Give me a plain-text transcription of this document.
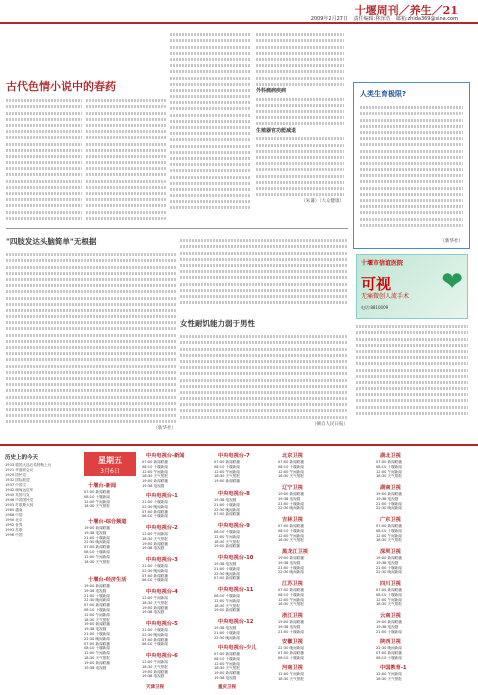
十堰周刊／养生／21
2009年2月27日 责任编辑:林泽浩 邮箱:zhida369@sina.com
古代色情小说中的春药	外科痛病疾病
生殖器官功能减退
（朱谦）（大众健康）
人类生育极限?
（新华社）
十堰市信谊医院
可视
无痛微创人流手术
电话:8810009
❤
"四肢发达头脑简单"无根据
（新华社）
女性耐饥能力弱于男性
（摘自人民日报）
历史上的今天
1933 德国大选后希特勒上台
1921 华盛顿会议
1929 国民党
1932 国际联盟
1937 中国文
1942 缅甸远征军
1945 英国马克
1946 中国国民党
1953 苏联斯大林
1965 越南
1986 中国
1990 北京
1992 世界
1993 苏联
1996 中国
星期五
3月6日
十堰台-新闻
07:00 新闻联播
08:10 十堰新闻
12:00 午间新闻
18:30 天气预报
十堰台-综合频道
19:00 新闻联播
19:38 电视剧
21:00 十堰新闻
22:30 晚间新闻
07:00 新闻联播
08:10 十堰新闻
12:00 午间新闻
18:30 天气预报
十堰台-经济生活
19:00 新闻联播
19:38 电视剧
21:00 十堰新闻
22:30 晚间新闻
07:00 新闻联播
08:10 十堰新闻
12:00 午间新闻
18:30 天气预报
19:00 新闻联播
19:38 电视剧
21:00 十堰新闻
22:30 晚间新闻
07:00 新闻联播
08:10 十堰新闻
12:00 午间新闻
18:30 天气预报
19:00 新闻联播
19:38 电视剧
中央电视台-新闻
07:00 新闻联播
08:10 十堰新闻
12:00 午间新闻
18:30 天气预报
19:00 新闻联播
19:38 电视剧
中央电视台-1
21:00 十堰新闻
22:30 晚间新闻
07:00 新闻联播
08:10 十堰新闻
中央电视台-2
12:00 午间新闻
18:30 天气预报
19:00 新闻联播
19:38 电视剧
中央电视台-3
21:00 十堰新闻
22:30 晚间新闻
07:00 新闻联播
08:10 十堰新闻
中央电视台-4
12:00 午间新闻
18:30 天气预报
19:00 新闻联播
19:38 电视剧
中央电视台-5
21:00 十堰新闻
22:30 晚间新闻
07:00 新闻联播
08:10 十堰新闻
中央电视台-6
12:00 午间新闻
18:30 天气预报
19:00 新闻联播
19:38 电视剧
中央电视台-7
07:00 新闻联播
08:10 十堰新闻
12:00 午间新闻
18:30 天气预报
19:00 新闻联播
中央电视台-8
19:38 电视剧
21:00 十堰新闻
22:30 晚间新闻
07:00 新闻联播
中央电视台-9
08:10 十堰新闻
12:00 午间新闻
18:30 天气预报
19:00 新闻联播
中央电视台-10
19:38 电视剧
21:00 十堰新闻
22:30 晚间新闻
07:00 新闻联播
中央电视台-11
08:10 十堰新闻
12:00 午间新闻
18:30 天气预报
19:00 新闻联播
中央电视台-12
19:38 电视剧
21:00 十堰新闻
22:30 晚间新闻
中央电视台-少儿
07:00 新闻联播
08:10 十堰新闻
12:00 午间新闻
18:30 天气预报
19:00 新闻联播
19:38 电视剧
北京卫视
07:00 新闻联播
08:10 十堰新闻
12:00 午间新闻
18:30 天气预报
辽宁卫视
19:00 新闻联播
19:38 电视剧
21:00 十堰新闻
22:30 晚间新闻
吉林卫视
07:00 新闻联播
08:10 十堰新闻
12:00 午间新闻
18:30 天气预报
黑龙江卫视
19:00 新闻联播
19:38 电视剧
21:00 十堰新闻
22:30 晚间新闻
江苏卫视
07:00 新闻联播
08:10 十堰新闻
12:00 午间新闻
18:30 天气预报
浙江卫视
19:00 新闻联播
19:38 电视剧
21:00 十堰新闻
安徽卫视
22:30 晚间新闻
07:00 新闻联播
08:10 十堰新闻
河南卫视
12:00 午间新闻
18:30 天气预报
湖北卫视
07:00 新闻联播
08:10 十堰新闻
12:00 午间新闻
18:30 天气预报
湖南卫视
19:00 新闻联播
19:38 电视剧
21:00 十堰新闻
22:30 晚间新闻
广东卫视
07:00 新闻联播
08:10 十堰新闻
12:00 午间新闻
18:30 天气预报
深圳卫视
19:00 新闻联播
19:38 电视剧
21:00 十堰新闻
22:30 晚间新闻
四川卫视
07:00 新闻联播
08:10 十堰新闻
12:00 午间新闻
18:30 天气预报
云南卫视
19:00 新闻联播
19:38 电视剧
21:00 十堰新闻
陕西卫视
22:30 晚间新闻
07:00 新闻联播
08:10 十堰新闻
中国教育-1
12:00 午间新闻
18:30 天气预报
天津卫视	重庆卫视
